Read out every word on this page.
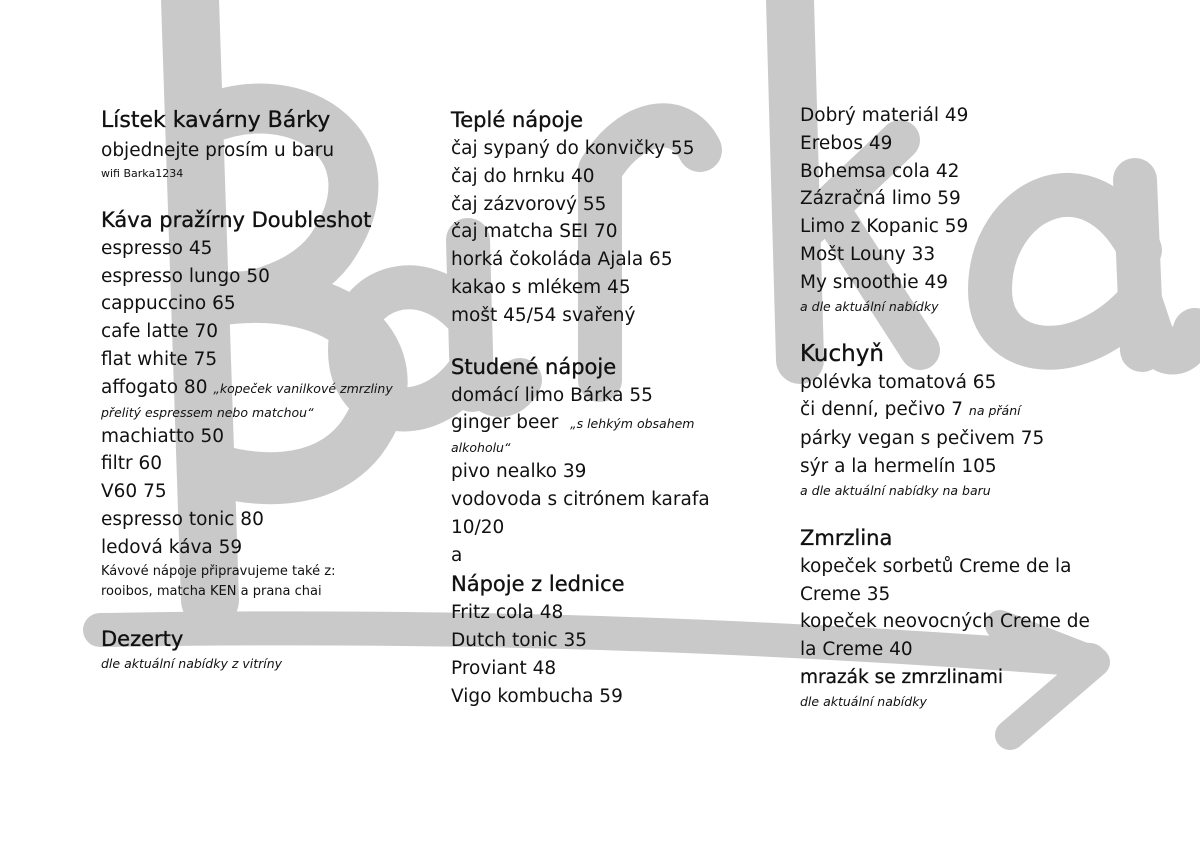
Lístek kavárny Bárky

objednejte prosím u baru

wifi Barka1234

Káva pražírny Doubleshot

espresso 45

espresso lungo 50

cappuccino 65

cafe latte 70

flat white 75

affogato 80 „kopeček vanilkové zmrzliny

přelitý espressem nebo matchou“

machiatto 50

filtr 60

V60 75

espresso tonic 80

ledová káva 59

Kávové nápoje připravujeme také z:

rooibos, matcha KEN a prana chai

Dezerty

dle aktuální nabídky z vitríny

Teplé nápoje

čaj sypaný do konvičky 55

čaj do hrnku 40

čaj zázvorový 55

čaj matcha SEI 70

horká čokoláda Ajala 65

kakao s mlékem 45

mošt 45/54 svařený

Studené nápoje

domácí limo Bárka 55

ginger beer „s lehkým obsahem

alkoholu“

pivo nealko 39

vodovoda s citrónem karafa

10/20

a

Nápoje z lednice

Fritz cola 48

Dutch tonic 35

Proviant 48

Vigo kombucha 59

Dobrý materiál 49

Erebos 49

Bohemsa cola 42

Zázračná limo 59

Limo z Kopanic 59

Mošt Louny 33

My smoothie 49

a dle aktuální nabídky

Kuchyň

polévka tomatová 65

či denní, pečivo 7 na přání

párky vegan s pečivem 75

sýr a la hermelín 105

a dle aktuální nabídky na baru

Zmrzlina

kopeček sorbetů Creme de la

Creme 35

kopeček neovocných Creme de

la Creme 40

mrazák se zmrzlinami

dle aktuální nabídky
